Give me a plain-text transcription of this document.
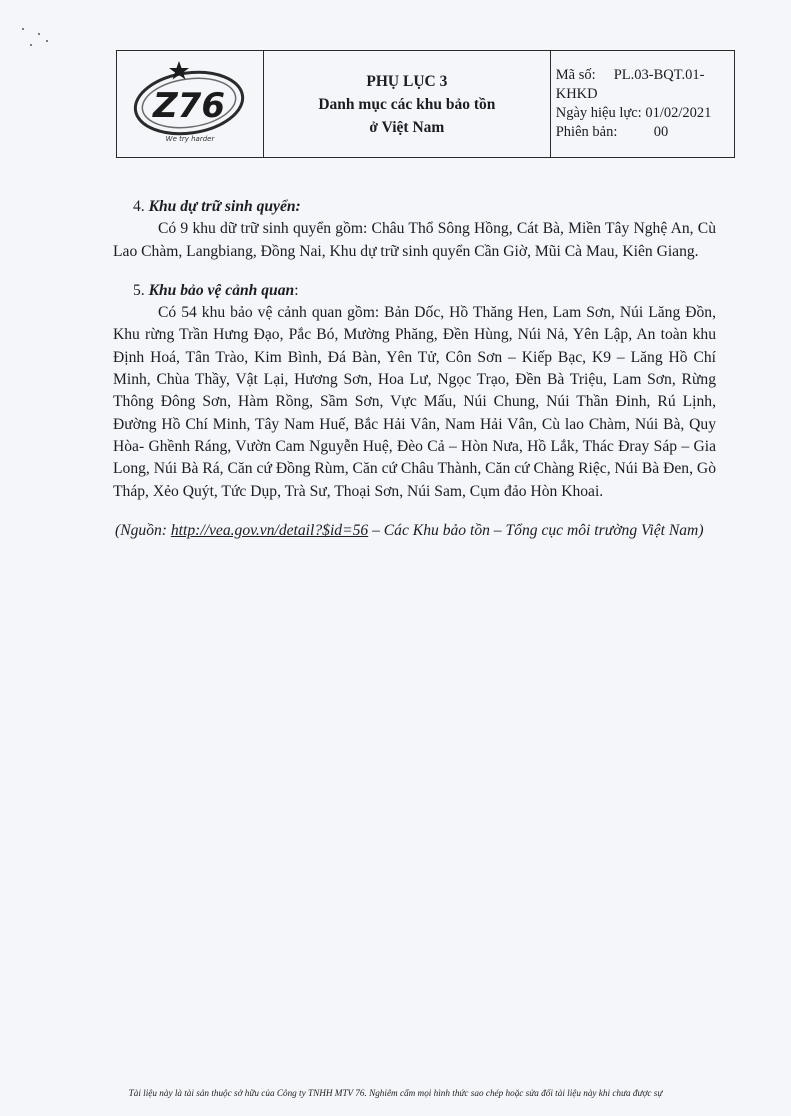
Z76
We try harder

PHỤ LỤC 3
Danh mục các khu bảo tồn
ở Việt Nam

Mã số:	PL.03-BQT.01-
KHKD
Ngày hiệu lực:
01/02/2021
Phiên bản:	00
4. Khu dự trữ sinh quyển:
Có 9 khu dữ trữ sinh quyển gồm: Châu Thổ Sông Hồng, Cát Bà, Miền Tây Nghệ An, Cù Lao Chàm, Langbiang, Đồng Nai, Khu dự trữ sinh quyển Cần Giờ, Mũi Cà Mau, Kiên Giang.
5. Khu bảo vệ cảnh quan:
Có 54 khu bảo vệ cảnh quan gồm: Bản Dốc, Hồ Thăng Hen, Lam Sơn, Núi Lăng Đồn, Khu rừng Trần Hưng Đạo, Pắc Bó, Mường Phăng, Đền Hùng, Núi Nả, Yên Lập, An toàn khu Định Hoá, Tân Trào, Kim Bình, Đá Bàn, Yên Tử, Côn Sơn – Kiếp Bạc, K9 – Lăng Hồ Chí Minh, Chùa Thầy, Vật Lại, Hương Sơn, Hoa Lư, Ngọc Trạo, Đền Bà Triệu, Lam Sơn, Rừng Thông Đông Sơn, Hàm Rồng, Sầm Sơn, Vực Mấu, Núi Chung, Núi Thần Đinh, Rú Lịnh, Đường Hồ Chí Minh, Tây Nam Huế, Bắc Hải Vân, Nam Hải Vân, Cù lao Chàm, Núi Bà, Quy Hòa- Ghềnh Ráng, Vườn Cam Nguyễn Huệ, Đèo Cả – Hòn Nưa, Hồ Lắk, Thác Đray Sáp – Gia Long, Núi Bà Rá, Căn cứ Đồng Rùm, Căn cứ Châu Thành, Căn cứ Chàng Riệc, Núi Bà Đen, Gò Tháp, Xẻo Quýt, Tức Dụp, Trà Sư, Thoại Sơn, Núi Sam, Cụm đảo Hòn Khoai.
(Nguồn: http://vea.gov.vn/detail?$id=56 – Các Khu bảo tồn – Tổng cục môi trường Việt Nam)
Tài liệu này là tài sản thuộc sở hữu của Công ty TNHH MTV 76. Nghiêm cấm mọi hình thức sao chép hoặc sửa đổi tài liệu này khi chưa được sự
